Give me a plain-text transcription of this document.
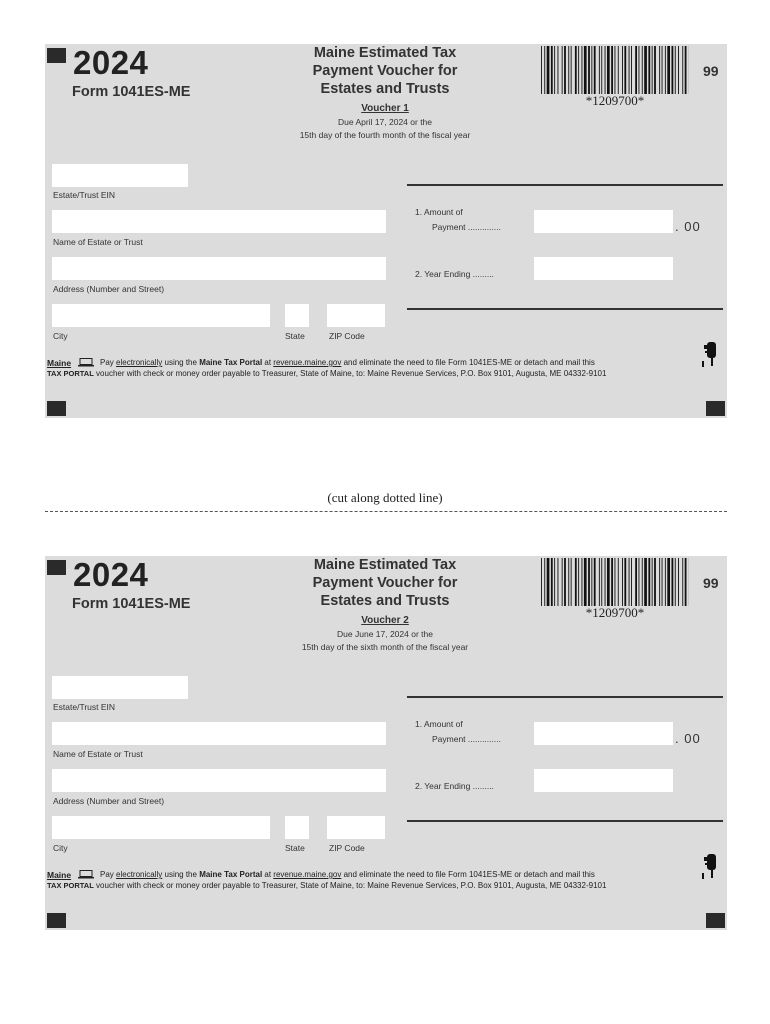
2024
Form 1041ES-ME
Maine Estimated Tax
Payment Voucher for
Estates and Trusts
Voucher 1
Due April 17, 2024 or the
15th day of the fourth month of the fiscal year
*1209700*
99
Estate/Trust EIN
Name of Estate or Trust
Address (Number and Street)
City	State	ZIP Code
1. Amount of
Payment ..............	. 00
2. Year Ending .........
Maine	Pay electronically using the Maine Tax Portal at revenue.maine.gov and eliminate the need to file Form 1041ES-ME or detach and mail this
TAX PORTAL voucher with check or money order payable to Treasurer, State of Maine, to: Maine Revenue Services, P.O. Box 9101, Augusta, ME 04332-9101
(cut along dotted line)
2024
Form 1041ES-ME
Maine Estimated Tax
Payment Voucher for
Estates and Trusts
Voucher 2
Due June 17, 2024 or the
15th day of the sixth month of the fiscal year
*1209700*
99
Estate/Trust EIN
Name of Estate or Trust
Address (Number and Street)
City	State	ZIP Code
1. Amount of
Payment ..............	. 00
2. Year Ending .........
Maine	Pay electronically using the Maine Tax Portal at revenue.maine.gov and eliminate the need to file Form 1041ES-ME or detach and mail this
TAX PORTAL voucher with check or money order payable to Treasurer, State of Maine, to: Maine Revenue Services, P.O. Box 9101, Augusta, ME 04332-9101
